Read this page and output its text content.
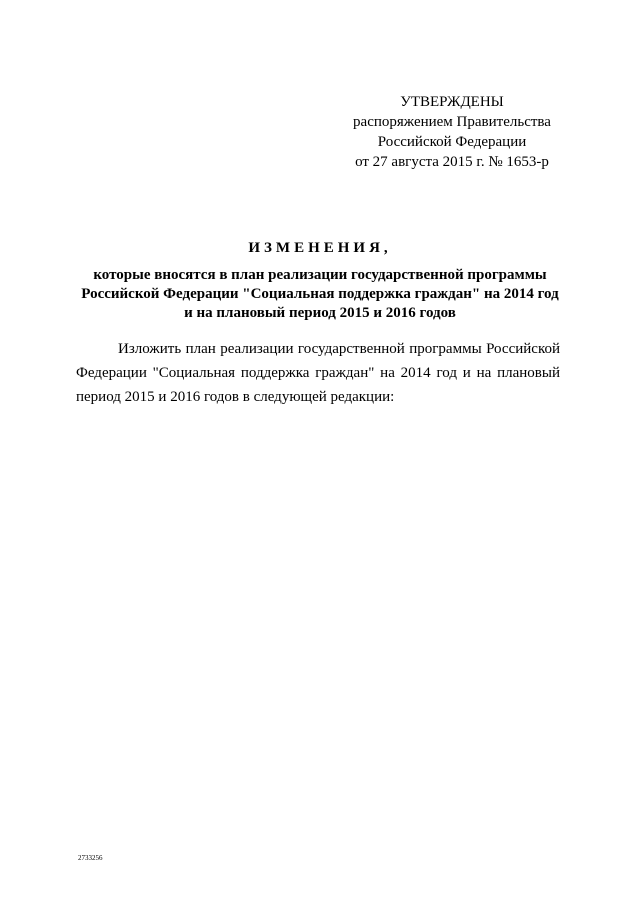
УТВЕРЖДЕНЫ
распоряжением Правительства
Российской Федерации
от 27 августа 2015 г. № 1653-р
ИЗМЕНЕНИЯ,
которые вносятся в план реализации государственной программы
Российской Федерации "Социальная поддержка граждан" на 2014 год
и на плановый период 2015 и 2016 годов
Изложить план реализации государственной программы Российской
Федерации "Социальная поддержка граждан" на 2014 год и на плановый
период 2015 и 2016 годов в следующей редакции:
2733256
